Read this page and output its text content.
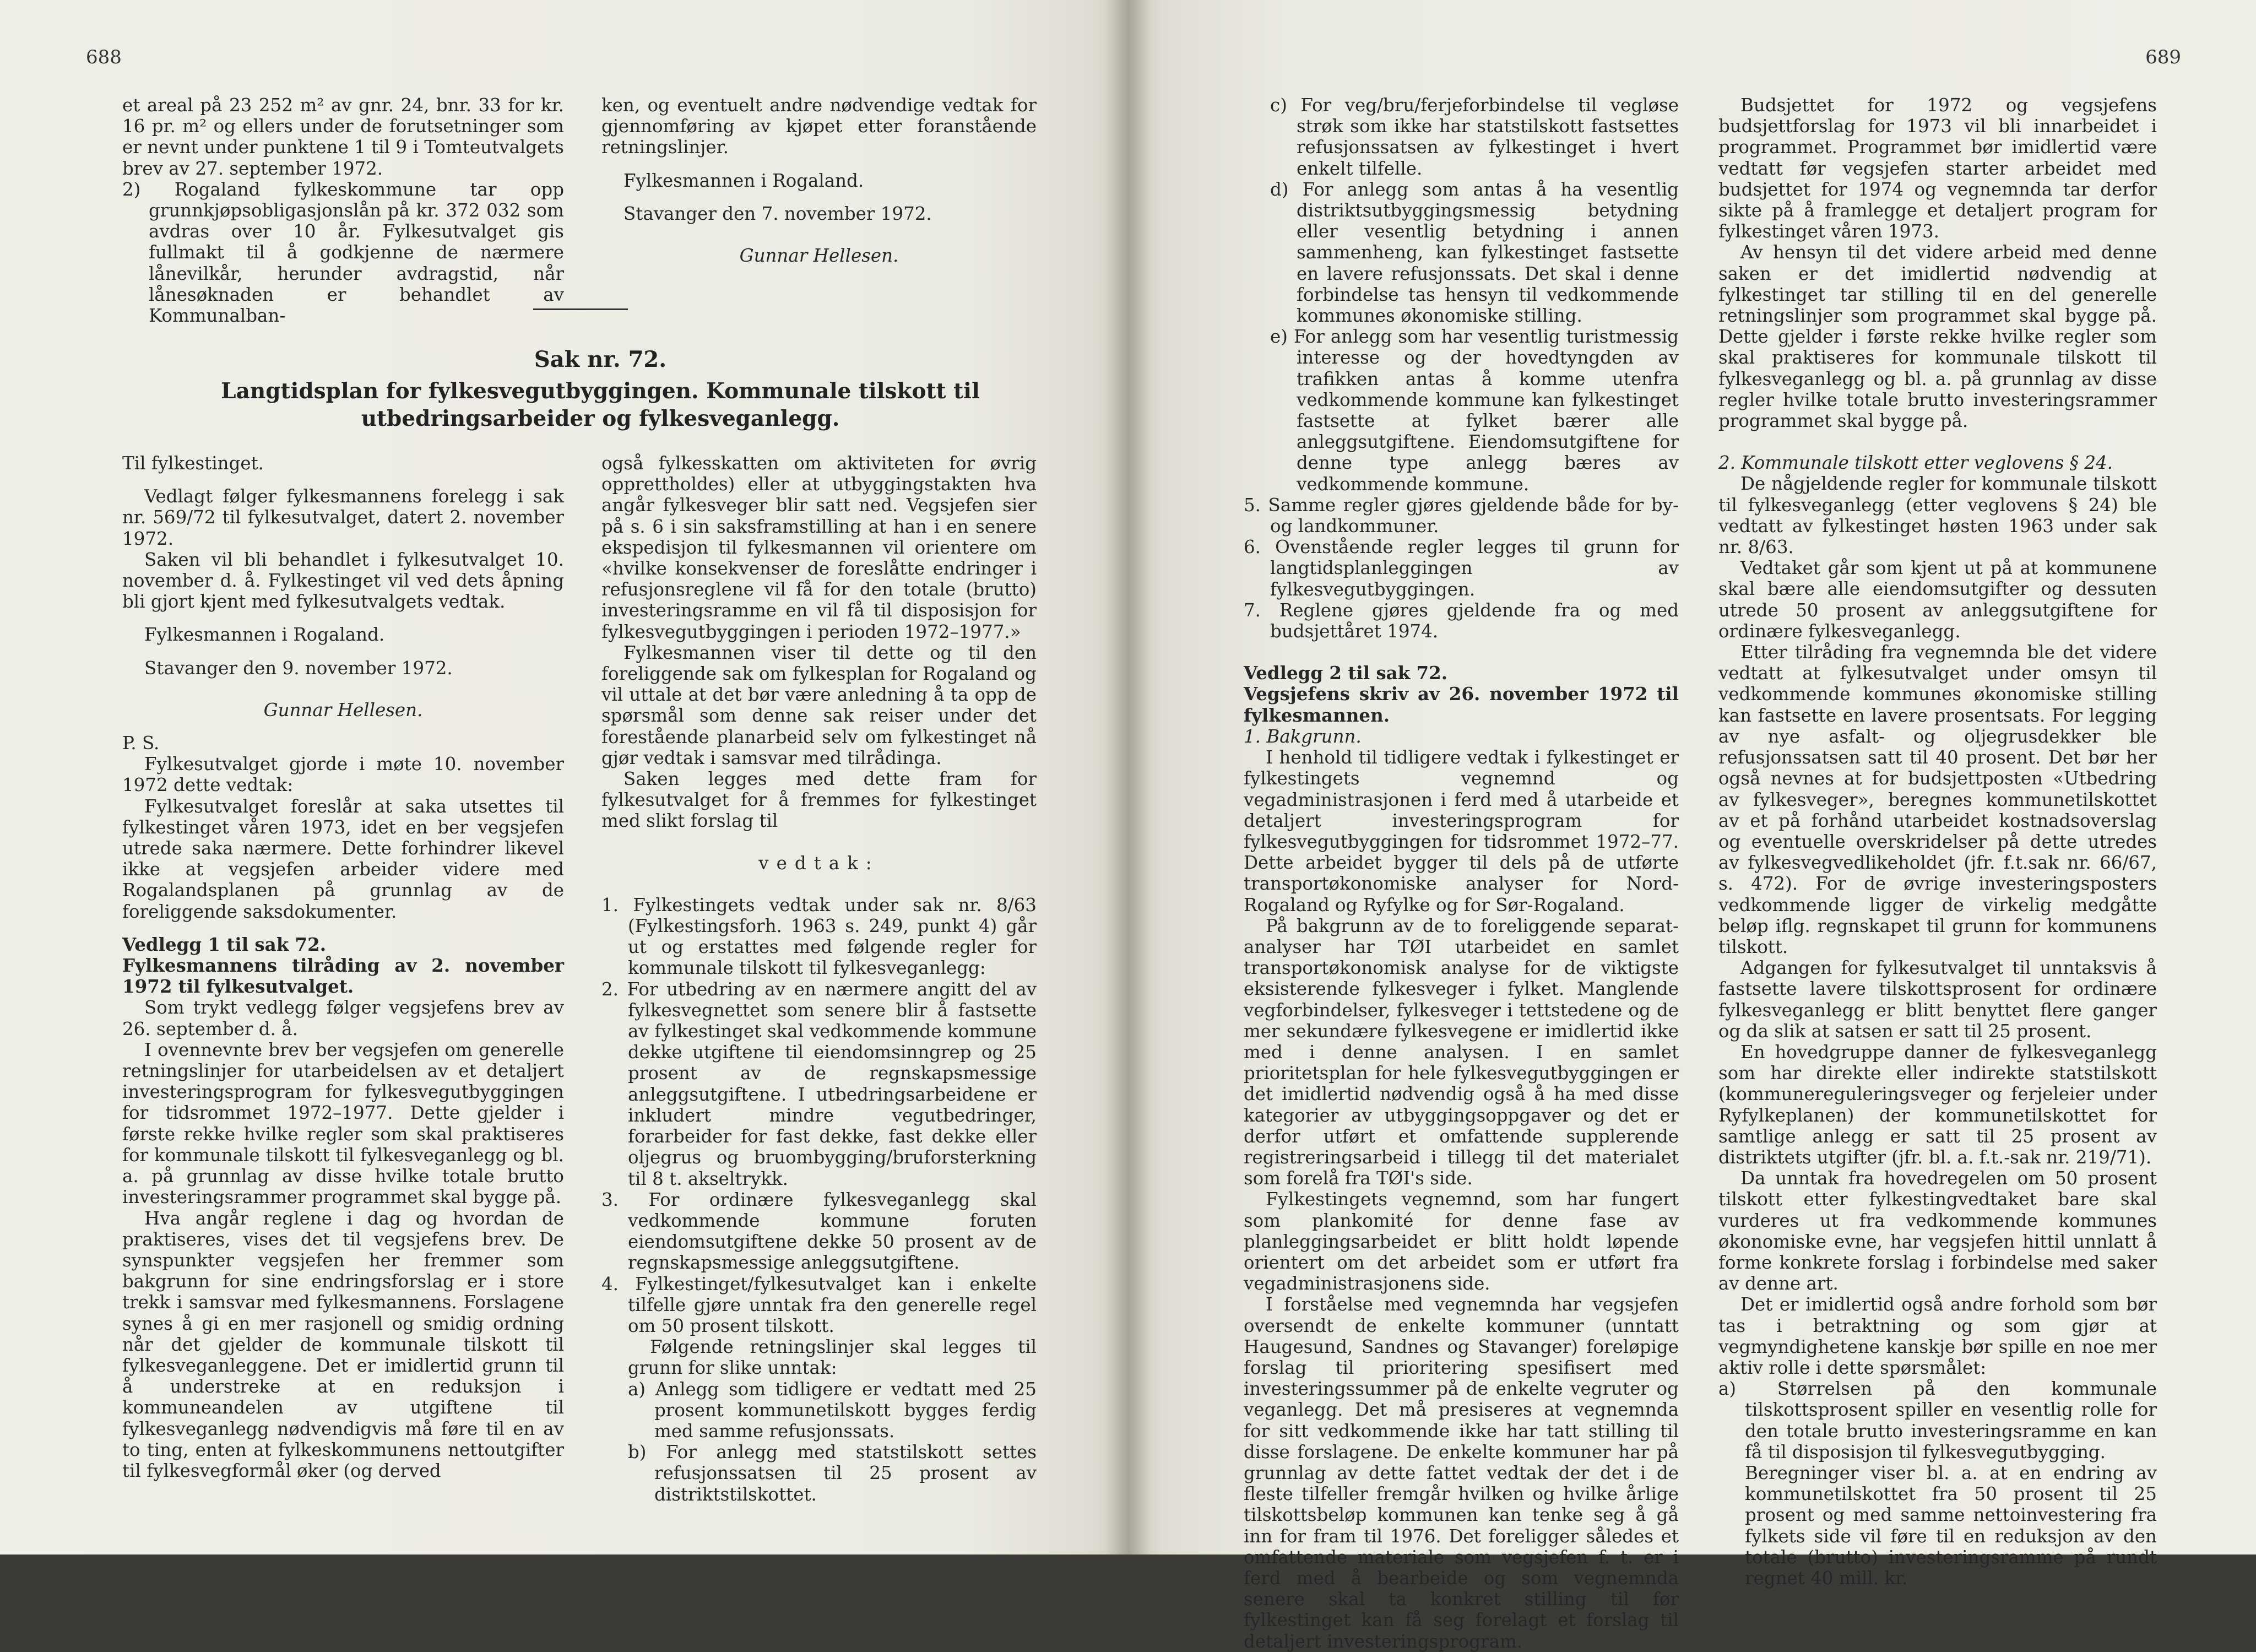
688

et areal på 23 252 m² av gnr. 24, bnr. 33 for kr. 16 pr. m² og ellers under de forutsetninger som er nevnt under punktene 1 til 9 i Tomteutvalgets brev av 27. september 1972.

2) Rogaland fylkeskommune tar opp grunnkjøpsobligasjonslån på kr. 372 032 som avdras over 10 år. Fylkesutvalget gis fullmakt til å godkjenne de nærmere lånevilkår, herunder avdragstid, når lånesøknaden er behandlet av Kommunalban-

ken, og eventuelt andre nødvendige vedtak for gjennomføring av kjøpet etter foranstående retningslinjer.

Fylkesmannen i Rogaland.

Stavanger den 7. november 1972.

Gunnar Hellesen.

Sak nr. 72.
Langtidsplan for fylkesvegutbyggingen. Kommunale tilskott til utbedringsarbeider og fylkesveganlegg.

Til fylkestinget.

Vedlagt følger fylkesmannens forelegg i sak nr. 569/72 til fylkesutvalget, datert 2. november 1972.

Saken vil bli behandlet i fylkesutvalget 10. november d. å. Fylkestinget vil ved dets åpning bli gjort kjent med fylkesutvalgets vedtak.

Fylkesmannen i Rogaland.

Stavanger den 9. november 1972.

Gunnar Hellesen.

P. S.

Fylkesutvalget gjorde i møte 10. november 1972 dette vedtak:

Fylkesutvalget foreslår at saka utsettes til fylkestinget våren 1973, idet en ber vegsjefen utrede saka nærmere. Dette forhindrer likevel ikke at vegsjefen arbeider videre med Rogalandsplanen på grunnlag av de foreliggende saksdokumenter.

Vedlegg 1 til sak 72.

Fylkesmannens tilråding av 2. november 1972 til fylkesutvalget.

Som trykt vedlegg følger vegsjefens brev av 26. september d. å.

I ovennevnte brev ber vegsjefen om generelle retningslinjer for utarbeidelsen av et detaljert investeringsprogram for fylkesvegutbyggingen for tidsrommet 1972–1977. Dette gjelder i første rekke hvilke regler som skal praktiseres for kommunale tilskott til fylkesveganlegg og bl. a. på grunnlag av disse hvilke totale brutto investeringsrammer programmet skal bygge på.

Hva angår reglene i dag og hvordan de praktiseres, vises det til vegsjefens brev. De synspunkter vegsjefen her fremmer som bakgrunn for sine endringsforslag er i store trekk i samsvar med fylkesmannens. Forslagene synes å gi en mer rasjonell og smidig ordning når det gjelder de kommunale tilskott til fylkesveganleggene. Det er imidlertid grunn til å understreke at en reduksjon i kommuneandelen av utgiftene til fylkesveganlegg nødvendigvis må føre til en av to ting, enten at fylkeskommunens nettoutgifter til fylkesvegformål øker (og derved

også fylkesskatten om aktiviteten for øvrig opprettholdes) eller at utbyggingstakten hva angår fylkesveger blir satt ned. Vegsjefen sier på s. 6 i sin saksframstilling at han i en senere ekspedisjon til fylkesmannen vil orientere om «hvilke konsekvenser de foreslåtte endringer i refusjonsreglene vil få for den totale (brutto) investeringsramme en vil få til disposisjon for fylkesvegutbyggingen i perioden 1972–1977.»

Fylkesmannen viser til dette og til den foreliggende sak om fylkesplan for Rogaland og vil uttale at det bør være anledning å ta opp de spørsmål som denne sak reiser under det forestående planarbeid selv om fylkestinget nå gjør vedtak i samsvar med tilrådinga.

Saken legges med dette fram for fylkesutvalget for å fremmes for fylkestinget med slikt forslag til

vedtak:

1. Fylkestingets vedtak under sak nr. 8/63 (Fylkestingsforh. 1963 s. 249, punkt 4) går ut og erstattes med følgende regler for kommunale tilskott til fylkesveganlegg:

2. For utbedring av en nærmere angitt del av fylkesvegnettet som senere blir å fastsette av fylkestinget skal vedkommende kommune dekke utgiftene til eiendomsinngrep og 25 prosent av de regnskapsmessige anleggsutgiftene. I utbedringsarbeidene er inkludert mindre vegutbedringer, forarbeider for fast dekke, fast dekke eller oljegrus og bruombygging/bruforsterkning til 8 t. akseltrykk.

3. For ordinære fylkesveganlegg skal vedkommende kommune foruten eiendomsutgiftene dekke 50 prosent av de regnskapsmessige anleggsutgiftene.

4. Fylkestinget/fylkesutvalget kan i enkelte tilfelle gjøre unntak fra den generelle regel om 50 prosent tilskott.

Følgende retningslinjer skal legges til grunn for slike unntak:

a) Anlegg som tidligere er vedtatt med 25 prosent kommunetilskott bygges ferdig med samme refusjonssats.

b) For anlegg med statstilskott settes refusjonssatsen til 25 prosent av distriktstilskottet.

689

c) For veg/bru/ferjeforbindelse til vegløse strøk som ikke har statstilskott fastsettes refusjonssatsen av fylkestinget i hvert enkelt tilfelle.

d) For anlegg som antas å ha vesentlig distriktsutbyggingsmessig betydning eller vesentlig betydning i annen sammenheng, kan fylkestinget fastsette en lavere refusjonssats. Det skal i denne forbindelse tas hensyn til vedkommende kommunes økonomiske stilling.

e) For anlegg som har vesentlig turistmessig interesse og der hovedtyngden av trafikken antas å komme utenfra vedkommende kommune kan fylkestinget fastsette at fylket bærer alle anleggsutgiftene. Eiendomsutgiftene for denne type anlegg bæres av vedkommende kommune.

5. Samme regler gjøres gjeldende både for by- og landkommuner.

6. Ovenstående regler legges til grunn for langtidsplanleggingen av fylkesvegutbyggingen.

7. Reglene gjøres gjeldende fra og med budsjettåret 1974.

Vedlegg 2 til sak 72.

Vegsjefens skriv av 26. november 1972 til fylkesmannen.

1. Bakgrunn.

I henhold til tidligere vedtak i fylkestinget er fylkestingets vegnemnd og vegadministrasjonen i ferd med å utarbeide et detaljert investeringsprogram for fylkesvegutbyggingen for tidsrommet 1972–77. Dette arbeidet bygger til dels på de utførte transportøkonomiske analyser for Nord-Rogaland og Ryfylke og for Sør-Rogaland.

På bakgrunn av de to foreliggende separat-analyser har TØI utarbeidet en samlet transportøkonomisk analyse for de viktigste eksisterende fylkesveger i fylket. Manglende vegforbindelser, fylkesveger i tettstedene og de mer sekundære fylkesvegene er imidlertid ikke med i denne analysen. I en samlet prioritetsplan for hele fylkesvegutbyggingen er det imidlertid nødvendig også å ha med disse kategorier av utbyggingsoppgaver og det er derfor utført et omfattende supplerende registreringsarbeid i tillegg til det materialet som forelå fra TØI's side.

Fylkestingets vegnemnd, som har fungert som plankomité for denne fase av planleggingsarbeidet er blitt holdt løpende orientert om det arbeidet som er utført fra vegadministrasjonens side.

I forståelse med vegnemnda har vegsjefen oversendt de enkelte kommuner (unntatt Haugesund, Sandnes og Stavanger) foreløpige forslag til prioritering spesifisert med investeringssummer på de enkelte vegruter og veganlegg. Det må presiseres at vegnemnda for sitt vedkommende ikke har tatt stilling til disse forslagene. De enkelte kommuner har på grunnlag av dette fattet vedtak der det i de fleste tilfeller fremgår hvilken og hvilke årlige tilskottsbeløp kommunen kan tenke seg å gå inn for fram til 1976. Det foreligger således et omfattende materiale som vegsjefen f. t. er i ferd med å bearbeide og som vegnemnda senere skal ta konkret stilling til før fylkestinget kan få seg forelagt et forslag til detaljert investeringsprogram.

Budsjettet for 1972 og vegsjefens budsjettforslag for 1973 vil bli innarbeidet i programmet. Programmet bør imidlertid være vedtatt før vegsjefen starter arbeidet med budsjettet for 1974 og vegnemnda tar derfor sikte på å framlegge et detaljert program for fylkestinget våren 1973.

Av hensyn til det videre arbeid med denne saken er det imidlertid nødvendig at fylkestinget tar stilling til en del generelle retningslinjer som programmet skal bygge på. Dette gjelder i første rekke hvilke regler som skal praktiseres for kommunale tilskott til fylkesveganlegg og bl. a. på grunnlag av disse regler hvilke totale brutto investeringsrammer programmet skal bygge på.

2. Kommunale tilskott etter veglovens § 24.

De någjeldende regler for kommunale tilskott til fylkesveganlegg (etter veglovens § 24) ble vedtatt av fylkestinget høsten 1963 under sak nr. 8/63.

Vedtaket går som kjent ut på at kommunene skal bære alle eiendomsutgifter og dessuten utrede 50 prosent av anleggsutgiftene for ordinære fylkesveganlegg.

Etter tilråding fra vegnemnda ble det videre vedtatt at fylkesutvalget under omsyn til vedkommende kommunes økonomiske stilling kan fastsette en lavere prosentsats. For legging av nye asfalt- og oljegrusdekker ble refusjonssatsen satt til 40 prosent. Det bør her også nevnes at for budsjettposten «Utbedring av fylkesveger», beregnes kommunetilskottet av et på forhånd utarbeidet kostnadsoverslag og eventuelle overskridelser på dette utredes av fylkesvegvedlikeholdet (jfr. f.t.sak nr. 66/67, s. 472). For de øvrige investeringsposters vedkommende ligger de virkelig medgåtte beløp iflg. regnskapet til grunn for kommunens tilskott.

Adgangen for fylkesutvalget til unntaksvis å fastsette lavere tilskottsprosent for ordinære fylkesveganlegg er blitt benyttet flere ganger og da slik at satsen er satt til 25 prosent.

En hovedgruppe danner de fylkesveganlegg som har direkte eller indirekte statstilskott (kommunereguleringsveger og ferjeleier under Ryfylkeplanen) der kommunetilskottet for samtlige anlegg er satt til 25 prosent av distriktets utgifter (jfr. bl. a. f.t.-sak nr. 219/71).

Da unntak fra hovedregelen om 50 prosent tilskott etter fylkestingvedtaket bare skal vurderes ut fra vedkommende kommunes økonomiske evne, har vegsjefen hittil unnlatt å forme konkrete forslag i forbindelse med saker av denne art.

Det er imidlertid også andre forhold som bør tas i betraktning og som gjør at vegmyndighetene kanskje bør spille en noe mer aktiv rolle i dette spørsmålet:

a) Størrelsen på den kommunale tilskottsprosent spiller en vesentlig rolle for den totale brutto investeringsramme en kan få til disposisjon til fylkesvegutbygging.

Beregninger viser bl. a. at en endring av kommunetilskottet fra 50 prosent til 25 prosent og med samme nettoinvestering fra fylkets side vil føre til en reduksjon av den totale (brutto) investeringsramme på rundt regnet 40 mill. kr.
